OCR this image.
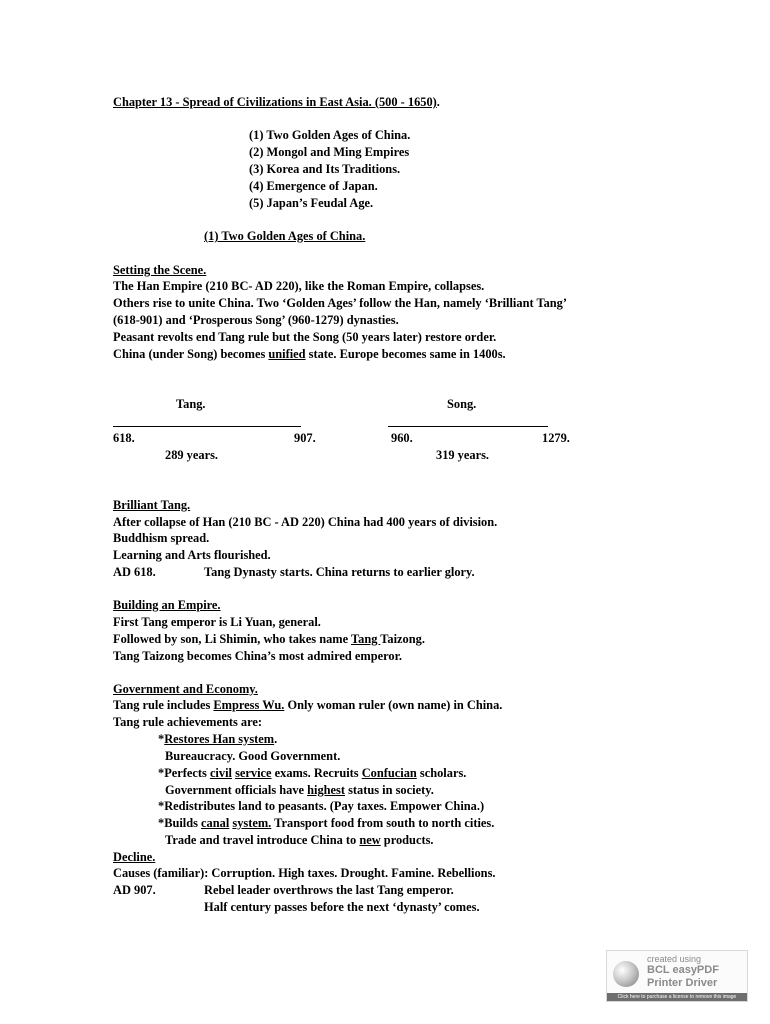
Chapter 13 - Spread of Civilizations in East Asia. (500 - 1650).
(1) Two Golden Ages of China.
(2) Mongol and Ming Empires
(3) Korea and Its Traditions.
(4) Emergence of Japan.
(5) Japan’s Feudal Age.
(1) Two Golden Ages of China.
Setting the Scene.
The Han Empire (210 BC- AD 220), like the Roman Empire, collapses.
Others rise to unite China. Two ‘Golden Ages’ follow the Han, namely ‘Brilliant Tang’
(618-901) and ‘Prosperous Song’ (960-1279) dynasties.
Peasant revolts end Tang rule but the Song (50 years later) restore order.
China (under Song) becomes unified state. Europe becomes same in 1400s.
Tang.	Song.
618.	907.	960.	1279.
289 years.	319 years.
Brilliant Tang.
After collapse of Han (210 BC - AD 220) China had 400 years of division.
Buddhism spread.
Learning and Arts flourished.
AD 618.	Tang Dynasty starts. China returns to earlier glory.
Building an Empire.
First Tang emperor is Li Yuan, general.
Followed by son, Li Shimin, who takes name Tang Taizong.
Tang Taizong becomes China’s most admired emperor.
Government and Economy.
Tang rule includes Empress Wu. Only woman ruler (own name) in China.
Tang rule achievements are:
*Restores Han system.
Bureaucracy. Good Government.
*Perfects civil service exams. Recruits Confucian scholars.
Government officials have highest status in society.
*Redistributes land to peasants. (Pay taxes. Empower China.)
*Builds canal system. Transport food from south to north cities.
Trade and travel introduce China to new products.
Decline.
Causes (familiar): Corruption. High taxes. Drought. Famine. Rebellions.
AD 907.	Rebel leader overthrows the last Tang emperor.
Half century passes before the next ‘dynasty’ comes.
created using
BCL easyPDF
Printer Driver
Click here to purchase a license to remove this image
